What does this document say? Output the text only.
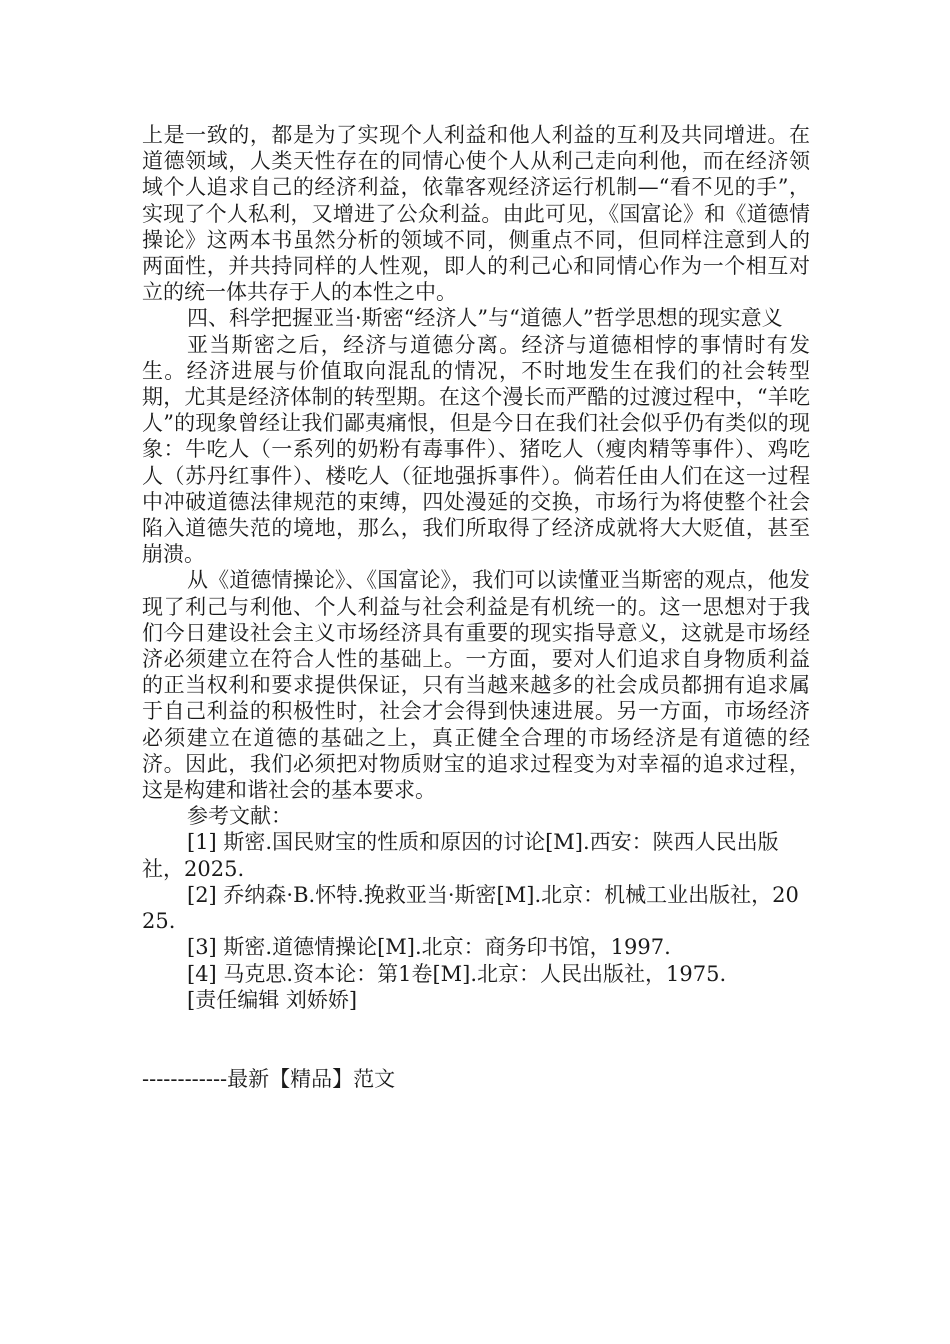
上是一致的，都是为了实现个人利益和他人利益的互利及共同增进。在道德领域，人类天性存在的同情心使个人从利己走向利他，而在经济领域个人追求自己的经济利益，依靠客观经济运行机制—“看不见的手”，实现了个人私利，又增进了公众利益。由此可见，《国富论》和《道德情操论》这两本书虽然分析的领域不同，侧重点不同，但同样注意到人的两面性，并共持同样的人性观，即人的利己心和同情心作为一个相互对立的统一体共存于人的本性之中。

四、科学把握亚当·斯密“经济人”与“道德人”哲学思想的现实意义

亚当斯密之后，经济与道德分离。经济与道德相悖的事情时有发生。经济进展与价值取向混乱的情况，不时地发生在我们的社会转型期，尤其是经济体制的转型期。在这个漫长而严酷的过渡过程中，“羊吃人”的现象曾经让我们鄙夷痛恨，但是今日在我们社会似乎仍有类似的现象：牛吃人（一系列的奶粉有毒事件）、猪吃人（瘦肉精等事件）、鸡吃人（苏丹红事件）、楼吃人（征地强拆事件）。倘若任由人们在这一过程中冲破道德法律规范的束缚，四处漫延的交换，市场行为将使整个社会陷入道德失范的境地，那么，我们所取得了经济成就将大大贬值，甚至崩溃。

从《道德情操论》、《国富论》，我们可以读懂亚当斯密的观点，他发现了利己与利他、个人利益与社会利益是有机统一的。这一思想对于我们今日建设社会主义市场经济具有重要的现实指导意义，这就是市场经济必须建立在符合人性的基础上。一方面，要对人们追求自身物质利益的正当权利和要求提供保证，只有当越来越多的社会成员都拥有追求属于自己利益的积极性时，社会才会得到快速进展。另一方面，市场经济必须建立在道德的基础之上，真正健全合理的市场经济是有道德的经济。因此，我们必须把对物质财宝的追求过程变为对幸福的追求过程，这是构建和谐社会的基本要求。

参考文献：

[1] 斯密.国民财宝的性质和原因的讨论[M].西安：陕西人民出版社，2025.

[2] 乔纳森·B.怀特.挽救亚当·斯密[M].北京：机械工业出版社，2025.

[3] 斯密.道德情操论[M].北京：商务印书馆，1997.

[4] 马克思.资本论：第1卷[M].北京：人民出版社，1975.

[责任编辑 刘娇娇]

------------最新【精品】范文
